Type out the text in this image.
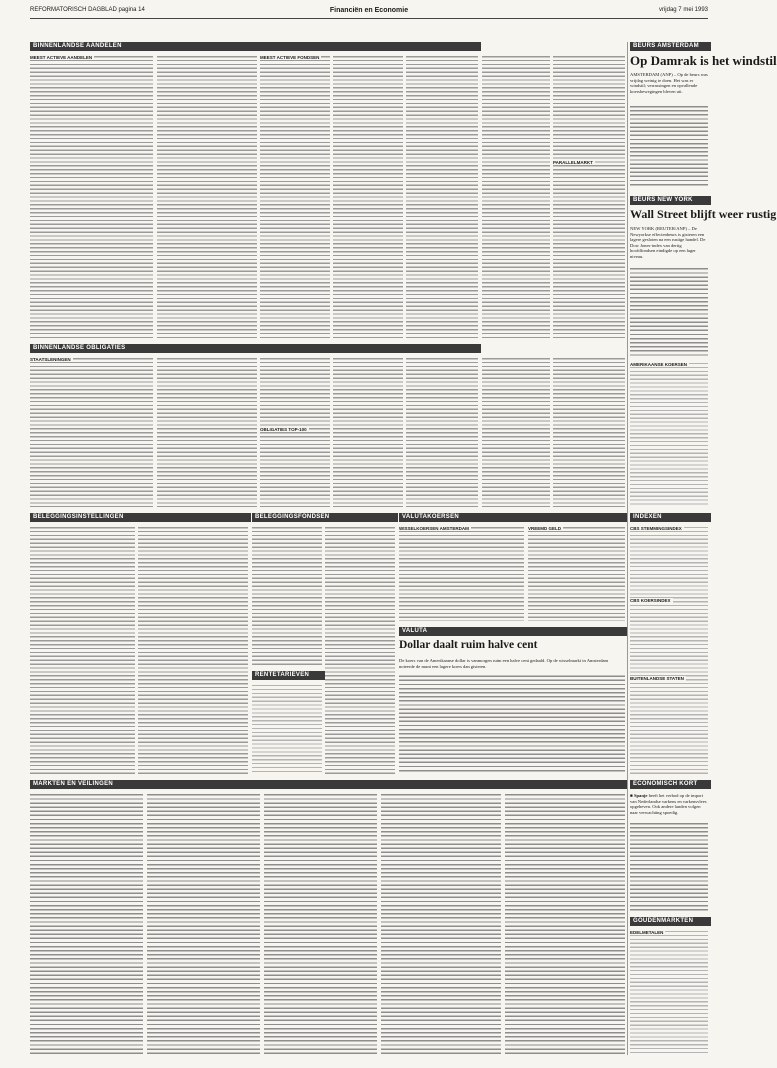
Financiën en Economie
REFORMATORISCH DAGBLAD pagina 14	vrijdag 7 mei 1993
BINNENLANDSE AANDELEN
MEEST ACTIEVE AANDELEN	MEEST ACTIEVE FONDSEN
PARALLELMARKT
BEURS AMSTERDAM
Op Damrak is het windstil
AMSTERDAM (ANP) – Op de beurs was vrijdag weinig te doen. Het was er windstil; verrassingen en opvallende koersbewegingen bleven uit.
BEURS NEW YORK
Wall Street blijft weer rustig
NEW YORK (REUTER/ANP) – De Newyorkse effectenbeurs is gisteren een lagere gesloten na een rustige handel. De Dow Jones-index van dertig hoofdfondsen eindigde op een lager niveau.
BINNENLANDSE OBLIGATIES
STAATSLENINGEN
OBLIGATIES TOP-100
AMERIKAANSE KOERSEN
BELEGGINGSINSTELLINGEN	BELEGGINGSFONDSEN
RENTETARIEVEN
VALUTAKOERSEN
WISSELKOERSEN AMSTERDAM	VREEMD GELD
VALUTA
Dollar daalt ruim halve cent
De koers van de Amerikaanse dollar is vanmorgen ruim een halve cent gedaald. Op de wisselmarkt in Amsterdam noteerde de munt een lagere koers dan gisteren.
INDEXEN
CBS STEMMINGSINDEX
CBS KOERSINDEX
BUITENLANDSE STATEN
ECONOMISCH KORT
■ Spanje heeft het verbod op de import van Nederlandse varkens en varkensvlees opgeheven. Ook andere landen volgen naar verwachting spoedig.
MARKTEN EN VEILINGEN
GOUDENMARKTEN
EDELMETALEN
